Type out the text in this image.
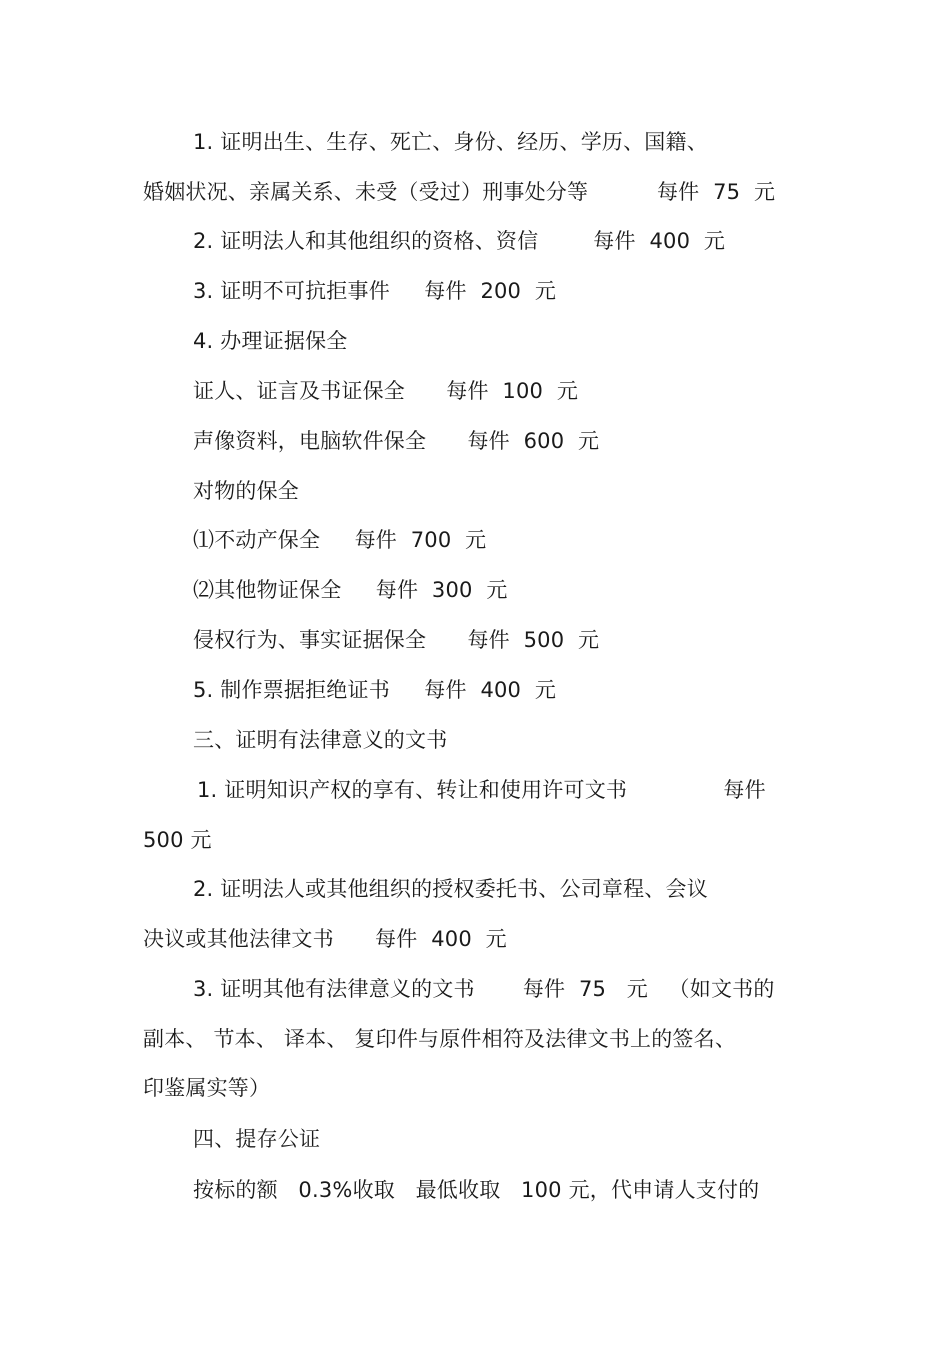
1. 证明出生、生存、死亡、身份、经历、学历、国籍、
婚姻状况、亲属关系、未受（受过）刑事处分等          每件  75  元
2. 证明法人和其他组织的资格、资信        每件  400  元
3. 证明不可抗拒事件     每件  200  元
4. 办理证据保全
证人、证言及书证保全      每件  100  元
声像资料，电脑软件保全      每件  600  元
对物的保全
⑴不动产保全     每件  700  元
⑵其他物证保全     每件  300  元
侵权行为、事实证据保全      每件  500  元
5. 制作票据拒绝证书     每件  400  元
三、证明有法律意义的文书
1. 证明知识产权的享有、转让和使用许可文书              每件
500 元
2. 证明法人或其他组织的授权委托书、公司章程、会议
决议或其他法律文书      每件  400  元
3. 证明其他有法律意义的文书       每件  75   元   （如文书的
副本、 节本、 译本、 复印件与原件相符及法律文书上的签名、
印鉴属实等）
四、提存公证
按标的额   0.3%收取   最低收取   100 元，代申请人支付的
